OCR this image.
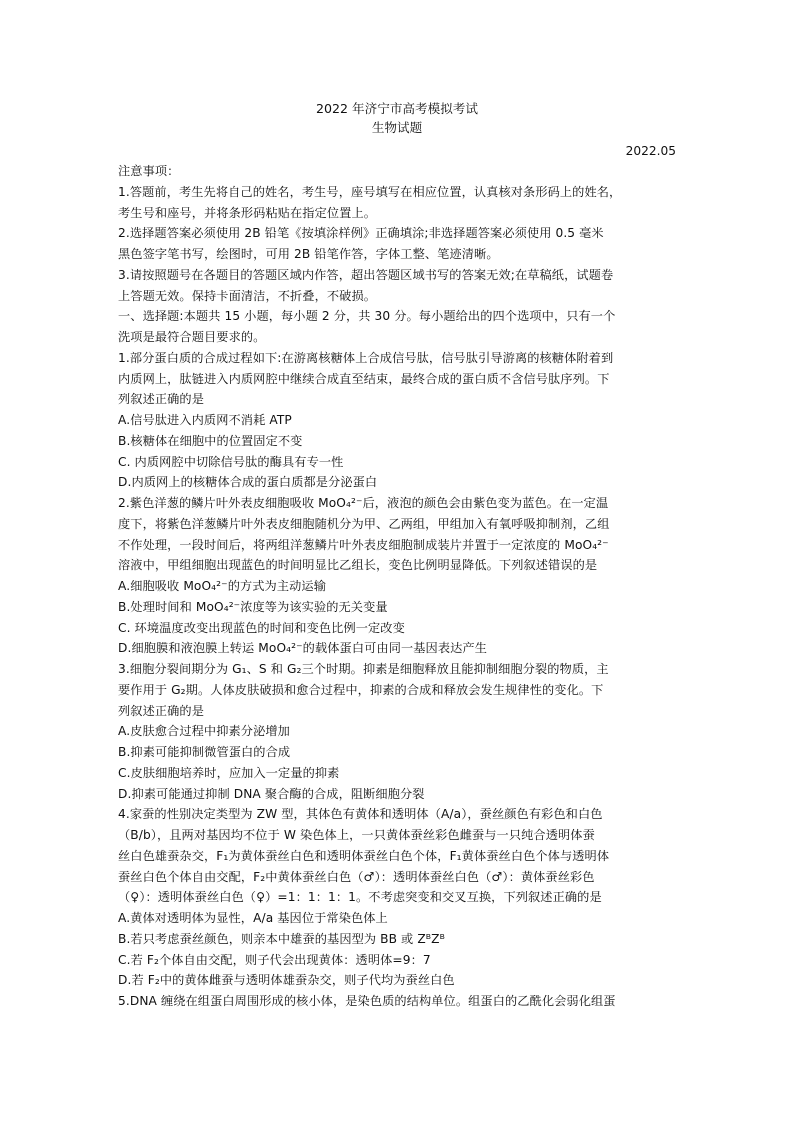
2022 年济宁市高考模拟考试
生物试题
2022.05
注意事项：
1.答题前，考生先将自己的姓名，考生号，座号填写在相应位置，认真核对条形码上的姓名，
考生号和座号，并将条形码粘贴在指定位置上。
2.选择题答案必须使用 2B 铅笔《按填涂样例》正确填涂;非选择题答案必须使用 0.5 毫米
黑色签字笔书写，绘图时，可用 2B 铅笔作答，字体工整、笔迹清晰。
3.请按照题号在各题目的答题区域内作答，超出答题区域书写的答案无效;在草稿纸，试题卷
上答题无效。保持卡面清洁，不折叠，不破损。
一、选择题:本题共 15 小题，每小题 2 分，共 30 分。每小题给出的四个选项中，只有一个
洗项是最符合题目要求的。
1.部分蛋白质的合成过程如下:在游离核糖体上合成信号肽，信号肽引导游离的核糖体附着到
内质网上，肽链进入内质网腔中继续合成直至结束，最终合成的蛋白质不含信号肽序列。下
列叙述正确的是
A.信号肽进入内质网不消耗 ATP
B.核糖体在细胞中的位置固定不变
C. 内质网腔中切除信号肽的酶具有专一性
D.内质网上的核糖体合成的蛋白质都是分泌蛋白
2.紫色洋葱的鳞片叶外表皮细胞吸收 MoO₄²⁻后，液泡的颜色会由紫色变为蓝色。在一定温
度下，将紫色洋葱鳞片叶外表皮细胞随机分为甲、乙两组，甲组加入有氧呼吸抑制剂，乙组
不作处理，一段时间后，将两组洋葱鳞片叶外表皮细胞制成装片并置于一定浓度的 MoO₄²⁻
溶液中，甲组细胞出现蓝色的时间明显比乙组长，变色比例明显降低。下列叙述错误的是
A.细胞吸收 MoO₄²⁻的方式为主动运输
B.处理时间和 MoO₄²⁻浓度等为该实验的无关变量
C. 环境温度改变出现蓝色的时间和变色比例一定改变
D.细胞膜和液泡膜上转运 MoO₄²⁻的载体蛋白可由同一基因表达产生
3.细胞分裂间期分为 G₁、S 和 G₂三个时期。抑素是细胞释放且能抑制细胞分裂的物质，主
要作用于 G₂期。人体皮肤破损和愈合过程中，抑素的合成和释放会发生规律性的变化。下
列叙述正确的是
A.皮肤愈合过程中抑素分泌增加
B.抑素可能抑制微管蛋白的合成
C.皮肤细胞培养时，应加入一定量的抑素
D.抑素可能通过抑制 DNA 聚合酶的合成，阻断细胞分裂
4.家蚕的性别决定类型为 ZW 型，其体色有黄体和透明体（A/a），蚕丝颜色有彩色和白色
（B/b），且两对基因均不位于 W 染色体上，一只黄体蚕丝彩色雌蚕与一只纯合透明体蚕
丝白色雄蚕杂交，F₁为黄体蚕丝白色和透明体蚕丝白色个体，F₁黄体蚕丝白色个体与透明体
蚕丝白色个体自由交配，F₂中黄体蚕丝白色（♂）：透明体蚕丝白色（♂）：黄体蚕丝彩色
（♀）：透明体蚕丝白色（♀）=1：1：1：1。不考虑突变和交叉互换，下列叙述正确的是
A.黄体对透明体为显性，A/a 基因位于常染色体上
B.若只考虑蚕丝颜色，则亲本中雄蚕的基因型为 BB 或 ZᴮZᴮ
C.若 F₂个体自由交配，则子代会出现黄体：透明体=9：7
D.若 F₂中的黄体雌蚕与透明体雄蚕杂交，则子代均为蚕丝白色
5.DNA 缠绕在组蛋白周围形成的核小体，是染色质的结构单位。组蛋白的乙酰化会弱化组蛋
